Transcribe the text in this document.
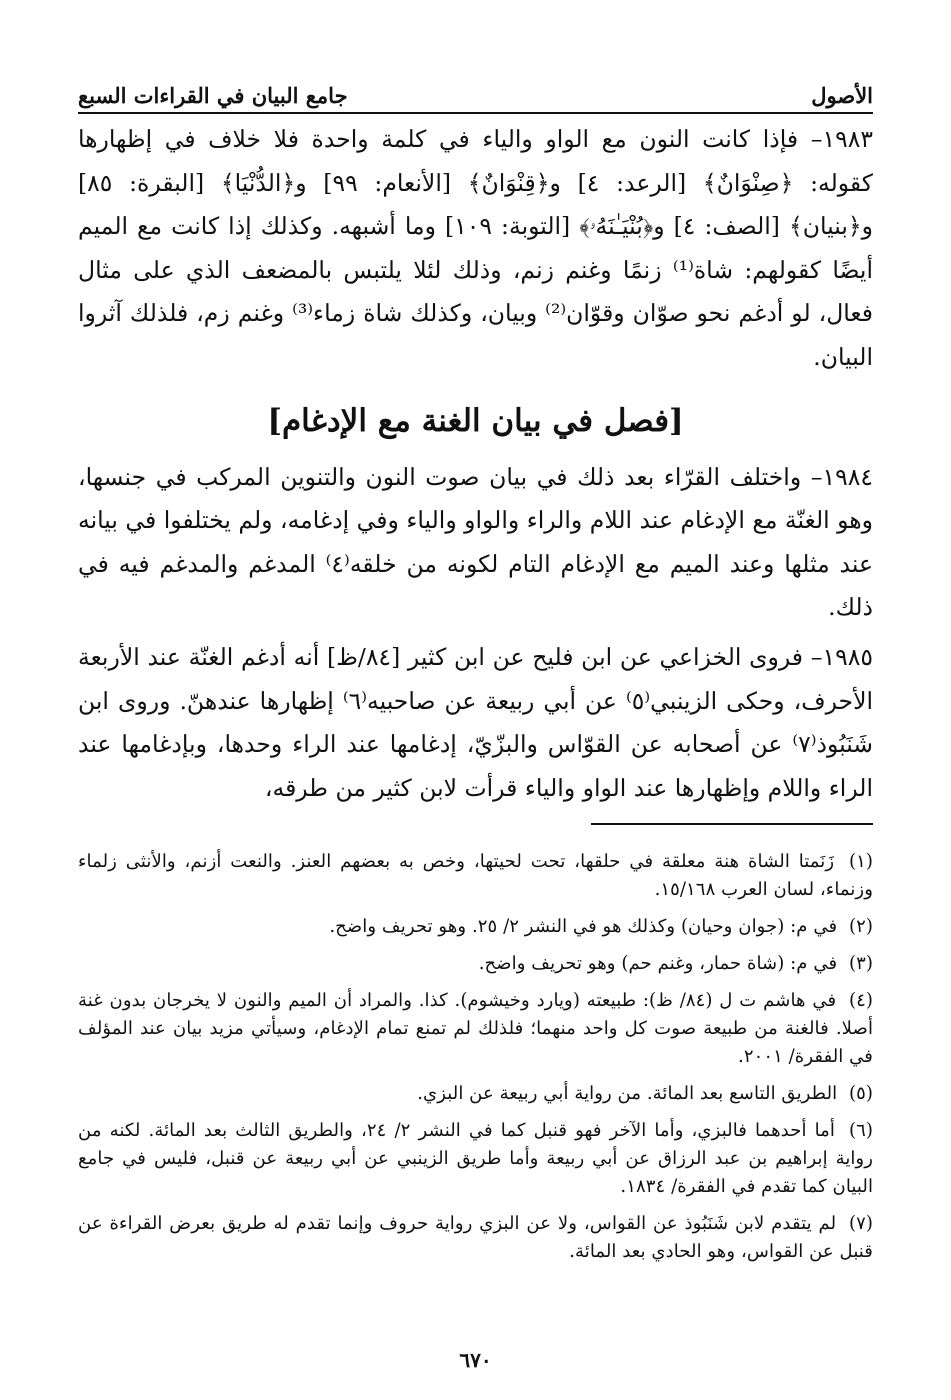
الأصول
جامع البيان في القراءات السبع

١٩٨٣– فإذا كانت النون مع الواو والياء في كلمة واحدة فلا خلاف في إظهارها كقوله: ﴿صِنْوَانٌ﴾ [الرعد: ٤] و﴿قِنْوَانٌ﴾ [الأنعام: ٩٩] و﴿الدُّنْيَا﴾ [البقرة: ٨٥] و﴿بنيان﴾ [الصف: ٤] و﴿بُنْيَـٰنَهُۥ﴾ [التوبة: ١٠٩] وما أشبهه. وكذلك إذا كانت مع الميم أيضًا كقولهم: شاة⁽¹⁾ زنمًا وغنم زنم، وذلك لئلا يلتبس بالمضعف الذي على مثال فعال، لو أدغم نحو صوّان وقوّان⁽²⁾ وبيان، وكذلك شاة زماء⁽³⁾ وغنم زم، فلذلك آثروا البيان.

[فصل في بيان الغنة مع الإدغام]

١٩٨٤– واختلف القرّاء بعد ذلك في بيان صوت النون والتنوين المركب في جنسها، وهو الغنّة مع الإدغام عند اللام والراء والواو والياء وفي إدغامه، ولم يختلفوا في بيانه عند مثلها وعند الميم مع الإدغام التام لكونه من خلقه⁽٤⁾ المدغم والمدغم فيه في ذلك.

١٩٨٥– فروى الخزاعي عن ابن فليح عن ابن كثير [٨٤/ظ] أنه أدغم الغنّة عند الأربعة الأحرف، وحكى الزينبي⁽٥⁾ عن أبي ربيعة عن صاحبيه⁽٦⁾ إظهارها عندهنّ. وروى ابن شَنَبُوذ⁽٧⁾ عن أصحابه عن القوّاس والبزّيّ، إدغامها عند الراء وحدها، وبإدغامها عند الراء واللام وإظهارها عند الواو والياء قرأت لابن كثير من طرقه،

(١) زَنَمتا الشاة هنة معلقة في حلقها، تحت لحيتها، وخص به بعضهم العنز. والنعت أزنم، والأنثى زلماء وزنماء، لسان العرب ١٥/١٦٨.

(٢) في م: (جوان وحيان) وكذلك هو في النشر ٢/ ٢٥. وهو تحريف واضح.

(٣) في م: (شاة حمار، وغنم حم) وهو تحريف واضح.

(٤) في هاشم ت ل (٨٤/ ظ): طبيعته (ويارد وخيشوم). كذا. والمراد أن الميم والنون لا يخرجان بدون غنة أصلا. فالغنة من طبيعة صوت كل واحد منهما؛ فلذلك لم تمنع تمام الإدغام، وسيأتي مزيد بيان عند المؤلف في الفقرة/ ٢٠٠١.

(٥) الطريق التاسع بعد المائة. من رواية أبي ربيعة عن البزي.

(٦) أما أحدهما فالبزي، وأما الآخر فهو قنبل كما في النشر ٢/ ٢٤، والطريق الثالث بعد المائة. لكنه من رواية إبراهيم بن عبد الرزاق عن أبي ربيعة وأما طريق الزينبي عن أبي ربيعة عن قنبل، فليس في جامع البيان كما تقدم في الفقرة/ ١٨٣٤.

(٧) لم يتقدم لابن شَنَبُوذ عن القواس، ولا عن البزي رواية حروف وإنما تقدم له طريق بعرض القراءة عن قنبل عن القواس، وهو الحادي بعد المائة.

٦٧٠
